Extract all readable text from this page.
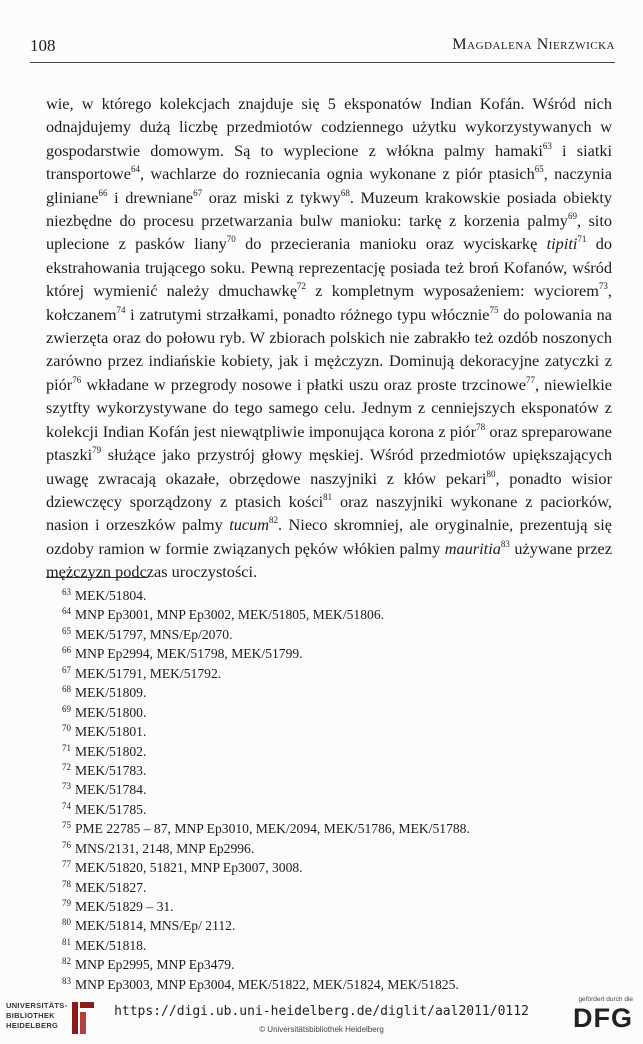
108	Magdalena Nierzwicka

wie, w którego kolekcjach znajduje się 5 eksponatów Indian Kofán. Wśród nich odnajdujemy dużą liczbę przedmiotów codziennego użytku wykorzystywanych w gospodarstwie domowym. Są to wyplecione z włókna palmy hamaki$^{63}$ i siatki transportowe$^{64}$, wachlarze do rozniecania ognia wykonane z piór ptasich$^{65}$, naczynia gliniane$^{66}$ i drewniane$^{67}$ oraz miski z tykwy$^{68}$. Muzeum krakowskie posiada obiekty niezbędne do procesu przetwarzania bulw manioku: tarkę z korzenia palmy$^{69}$, sito uplecione z pasków liany$^{70}$ do przecierania manioku oraz wyciskarkę tipiti$^{71}$ do ekstrahowania trującego soku. Pewną reprezentację posiada też broń Kofanów, wśród której wymienić należy dmuchawkę$^{72}$ z kompletnym wyposażeniem: wyciorem$^{73}$, kołczanem$^{74}$ i zatrutymi strzałkami, ponadto różnego typu włócznie$^{75}$ do polowania na zwierzęta oraz do połowu ryb. W zbiorach polskich nie zabrakło też ozdób noszonych zarówno przez indiańskie kobiety, jak i mężczyzn. Dominują dekoracyjne zatyczki z piór$^{76}$ wkładane w przegrody nosowe i płatki uszu oraz proste trzcinowe$^{77}$, niewielkie szytfty wykorzystywane do tego samego celu. Jednym z cenniejszych eksponatów z kolekcji Indian Kofán jest niewątpliwie imponująca korona z piór$^{78}$ oraz spreparowane ptaszki$^{79}$ służące jako przystrój głowy męskiej. Wśród przedmiotów upiększających uwagę zwracają okazałe, obrzędowe naszyjniki z kłów pekari$^{80}$, ponadto wisior dziewczęcy sporządzony z ptasich kości$^{81}$ oraz naszyjniki wykonane z paciorków, nasion i orzeszków palmy tucum$^{82}$. Nieco skromniej, ale oryginalnie, prezentują się ozdoby ramion w formie związanych pęków włókien palmy mauritia$^{83}$ używane przez mężczyzn podczas uroczystości.

63 MEK/51804.
64 MNP Ep3001, MNP Ep3002, MEK/51805, MEK/51806.
65 MEK/51797, MNS/Ep/2070.
66 MNP Ep2994, MEK/51798, MEK/51799.
67 MEK/51791, MEK/51792.
68 MEK/51809.
69 MEK/51800.
70 MEK/51801.
71 MEK/51802.
72 MEK/51783.
73 MEK/51784.
74 MEK/51785.
75 PME 22785 – 87, MNP Ep3010, MEK/2094, MEK/51786, MEK/51788.
76 MNS/2131, 2148, MNP Ep2996.
77 MEK/51820, 51821, MNP Ep3007, 3008.
78 MEK/51827.
79 MEK/51829 – 31.
80 MEK/51814, MNS/Ep/ 2112.
81 MEK/51818.
82 MNP Ep2995, MNP Ep3479.
83 MNP Ep3003, MNP Ep3004, MEK/51822, MEK/51824, MEK/51825.
UNIVERSITÄTS-
BIBLIOTHEK
HEIDELBERG
https://digi.ub.uni-heidelberg.de/diglit/aal2011/0112
© Universitätsbibliothek Heidelberg
gefördert durch die
DFG
